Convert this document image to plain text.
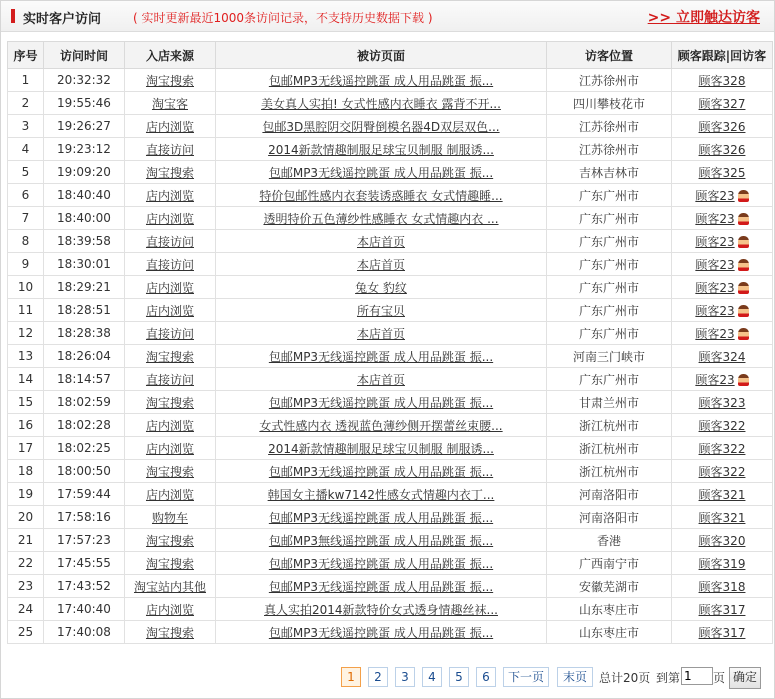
实时客户访问	( 实时更新最近1000条访问记录，不支持历史数据下载 )	>> 立即触达访客
序号	访问时间	入店来源	被访页面	访客位置	顾客跟踪|回访客
1	20:32:32	淘宝搜索	包邮MP3无线遥控跳蛋 成人用品跳蛋 振...	江苏徐州市	顾客328
2	19:55:46	淘宝客	美女真人实拍! 女式性感内衣睡衣 露背不开...	四川攀枝花市	顾客327
3	19:26:27	店内浏览	包邮3D黑腔阴交阴臀倒模名器4D双层双色...	江苏徐州市	顾客326
4	19:23:12	直接访问	2014新款情趣制服足球宝贝制服 制服诱...	江苏徐州市	顾客326
5	19:09:20	淘宝搜索	包邮MP3无线遥控跳蛋 成人用品跳蛋 振...	吉林吉林市	顾客325
6	18:40:40	店内浏览	特价包邮性感内衣套装诱惑睡衣 女式情趣睡...	广东广州市	顾客23
7	18:40:00	店内浏览	透明特价五色薄纱性感睡衣 女式情趣内衣 ...	广东广州市	顾客23
8	18:39:58	直接访问	本店首页	广东广州市	顾客23
9	18:30:01	直接访问	本店首页	广东广州市	顾客23
10	18:29:21	店内浏览	兔女 豹纹	广东广州市	顾客23
11	18:28:51	店内浏览	所有宝贝	广东广州市	顾客23
12	18:28:38	直接访问	本店首页	广东广州市	顾客23
13	18:26:04	淘宝搜索	包邮MP3无线遥控跳蛋 成人用品跳蛋 振...	河南三门峡市	顾客324
14	18:14:57	直接访问	本店首页	广东广州市	顾客23
15	18:02:59	淘宝搜索	包邮MP3无线遥控跳蛋 成人用品跳蛋 振...	甘肃兰州市	顾客323
16	18:02:28	店内浏览	女式性感内衣 透视蓝色薄纱侧开摆蕾丝束腰...	浙江杭州市	顾客322
17	18:02:25	店内浏览	2014新款情趣制服足球宝贝制服 制服诱...	浙江杭州市	顾客322
18	18:00:50	淘宝搜索	包邮MP3无线遥控跳蛋 成人用品跳蛋 振...	浙江杭州市	顾客322
19	17:59:44	店内浏览	韩国女主播kw7142性感女式情趣内衣丁...	河南洛阳市	顾客321
20	17:58:16	购物车	包邮MP3无线遥控跳蛋 成人用品跳蛋 振...	河南洛阳市	顾客321
21	17:57:23	淘宝搜索	包邮MP3無线遥控跳蛋 成人用品跳蛋 振...	香港	顾客320
22	17:45:55	淘宝搜索	包邮MP3无线遥控跳蛋 成人用品跳蛋 振...	广西南宁市	顾客319
23	17:43:52	淘宝站内其他	包邮MP3无线遥控跳蛋 成人用品跳蛋 振...	安徽芜湖市	顾客318
24	17:40:40	店内浏览	真人实拍2014新款特价女式透身情趣丝袜...	山东枣庄市	顾客317
25	17:40:08	淘宝搜索	包邮MP3无线遥控跳蛋 成人用品跳蛋 振...	山东枣庄市	顾客317
1	2	3	4	5	6	下一页	末页	总计20页 到第
1	页 确定
